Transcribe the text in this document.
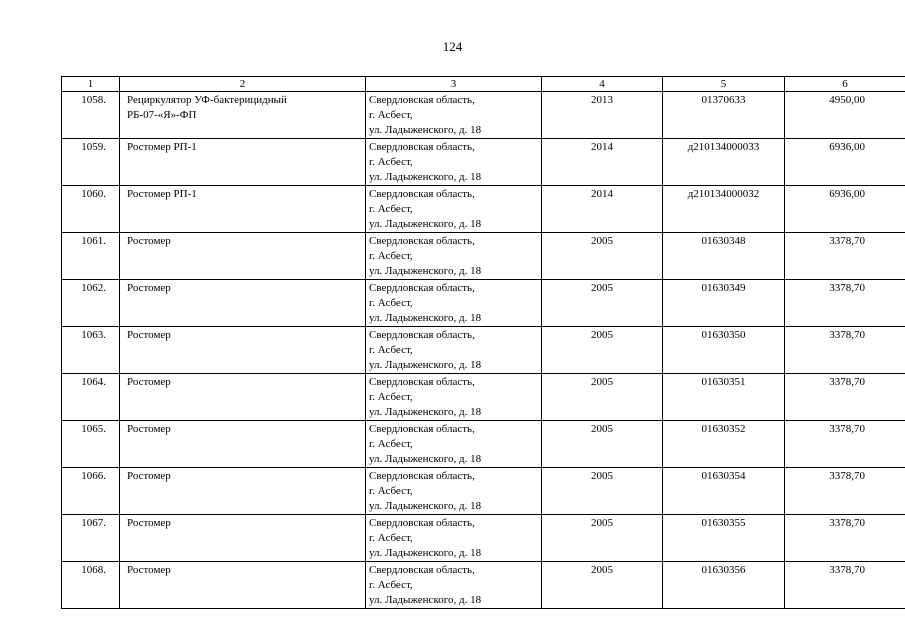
124
1	2	3	4	5	6
1058.	Рециркулятор УФ-бактерицидный
РБ-07-«Я»-ФП	Свердловская область,
г. Асбест,
ул. Ладыженского, д. 18	2013	01370633	4950,00
1059.	Ростомер РП-1	Свердловская область,
г. Асбест,
ул. Ладыженского, д. 18	2014	д210134000033	6936,00
1060.	Ростомер РП-1	Свердловская область,
г. Асбест,
ул. Ладыженского, д. 18	2014	д210134000032	6936,00
1061.	Ростомер	Свердловская область,
г. Асбест,
ул. Ладыженского, д. 18	2005	01630348	3378,70
1062.	Ростомер	Свердловская область,
г. Асбест,
ул. Ладыженского, д. 18	2005	01630349	3378,70
1063.	Ростомер	Свердловская область,
г. Асбест,
ул. Ладыженского, д. 18	2005	01630350	3378,70
1064.	Ростомер	Свердловская область,
г. Асбест,
ул. Ладыженского, д. 18	2005	01630351	3378,70
1065.	Ростомер	Свердловская область,
г. Асбест,
ул. Ладыженского, д. 18	2005	01630352	3378,70
1066.	Ростомер	Свердловская область,
г. Асбест,
ул. Ладыженского, д. 18	2005	01630354	3378,70
1067.	Ростомер	Свердловская область,
г. Асбест,
ул. Ладыженского, д. 18	2005	01630355	3378,70
1068.	Ростомер	Свердловская область,
г. Асбест,
ул. Ладыженского, д. 18	2005	01630356	3378,70
